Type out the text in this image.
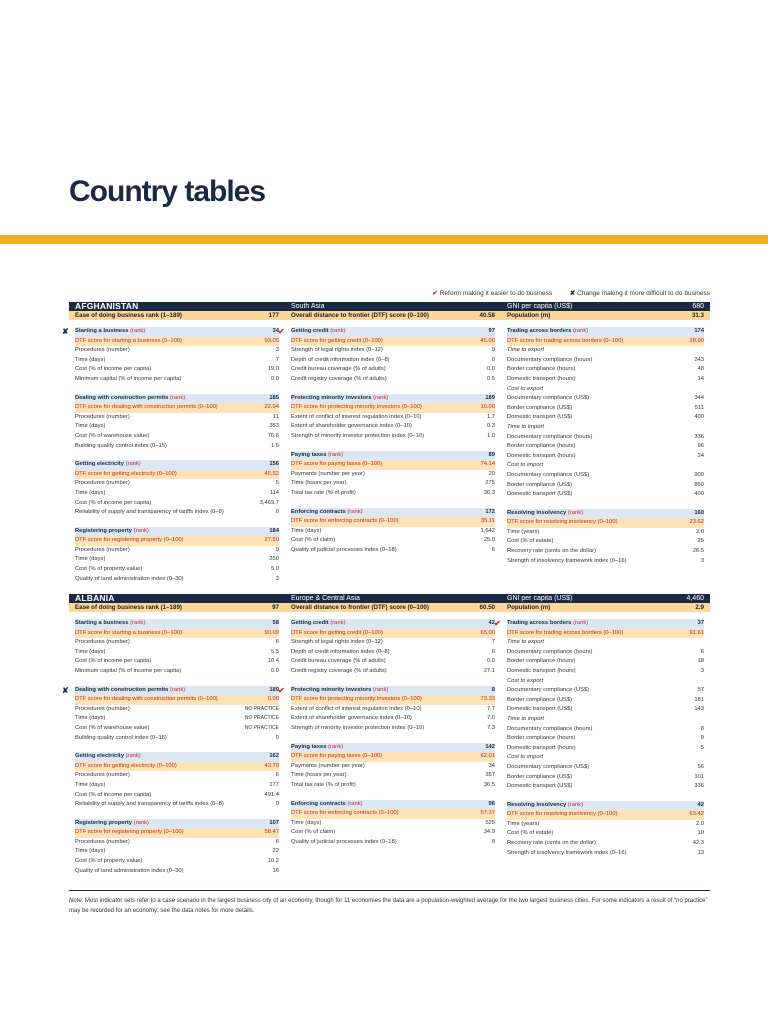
Country tables
✔ Reform making it easier to do business	✘ Change making it more difficult to do business
AFGHANISTAN	South Asia	GNI per capita (US$)	680
Ease of doing business rank (1–189)	177 Overall distance to frontier (DTF) score (0–100)	40.58 Population (m)	31.3
✘ Starting a business (rank)	34
DTF score for starting a business (0–100)	93.05
Procedures (number)	3
Time (days)	7
Cost (% of income per capita)	19.0
Minimum capital (% of income per capita)	0.0
Dealing with construction permits (rank)	185
DTF score for dealing with construction permits (0–100)	22.94
Procedures (number)	11
Time (days)	353
Cost (% of warehouse value)	76.6
Building quality control index (0–15)	1.5
Getting electricity (rank)	156
DTF score for getting electricity (0–100)	45.52
Procedures (number)	5
Time (days)	114
Cost (% of income per capita)	3,469.7
Reliability of supply and transparency of tariffs index (0–8)	0
Registering property (rank)	184
DTF score for registering property (0–100)	27.50
Procedures (number)	9
Time (days)	250
Cost (% of property value)	5.0
Quality of land administration index (0–30)	3
✔ Getting credit (rank)	97
DTF score for getting credit (0–100)	45.00
Strength of legal rights index (0–12)	9
Depth of credit information index (0–8)	0
Credit bureau coverage (% of adults)	0.0
Credit registry coverage (% of adults)	0.5
Protecting minority investors (rank)	189
DTF score for protecting minority investors (0–100)	10.00
Extent of conflict of interest regulation index (0–10)	1.7
Extent of shareholder governance index (0–10)	0.3
Strength of minority investor protection index (0–10)	1.0
Paying taxes (rank)	89
DTF score for paying taxes (0–100)	74.14
Payments (number per year)	20
Time (hours per year)	275
Total tax rate (% of profit)	36.3
Enforcing contracts (rank)	172
DTF score for enforcing contracts (0–100)	35.11
Time (days)	1,642
Cost (% of claim)	25.0
Quality of judicial processes index (0–18)	6
Trading across borders (rank)	174
DTF score for trading across borders (0–100)	28.90
Time to export
Documentary compliance (hours)	243
Border compliance (hours)	48
Domestic transport (hours)	14
Cost to export
Documentary compliance (US$)	344
Border compliance (US$)	511
Domestic transport (US$)	400
Time to import
Documentary compliance (hours)	336
Border compliance (hours)	96
Domestic transport (hours)	24
Cost to import
Documentary compliance (US$)	900
Border compliance (US$)	850
Domestic transport (US$)	400
Resolving insolvency (rank)	160
DTF score for resolving insolvency (0–100)	23.62
Time (years)	2.0
Cost (% of estate)	25
Recovery rate (cents on the dollar)	26.5
Strength of insolvency framework index (0–16)	3
ALBANIA	Europe & Central Asia	GNI per capita (US$)	4,460
Ease of doing business rank (1–189)	97 Overall distance to frontier (DTF) score (0–100)	60.50 Population (m)	2.9
Starting a business (rank)	58
DTF score for starting a business (0–100)	90.09
Procedures (number)	6
Time (days)	5.5
Cost (% of income per capita)	10.4
Minimum capital (% of income per capita)	0.0
✘ Dealing with construction permits (rank)	189
DTF score for dealing with construction permits (0–100)	0.00
Procedures (number)	NO PRACTICE
Time (days)	NO PRACTICE
Cost (% of warehouse value)	NO PRACTICE
Building quality control index (0–15)	0
Getting electricity (rank)	162
DTF score for getting electricity (0–100)	43.70
Procedures (number)	6
Time (days)	177
Cost (% of income per capita)	491.4
Reliability of supply and transparency of tariffs index (0–8)	0
Registering property (rank)	107
DTF score for registering property (0–100)	58.47
Procedures (number)	6
Time (days)	22
Cost (% of property value)	10.2
Quality of land administration index (0–30)	16
Getting credit (rank)	42
DTF score for getting credit (0–100)	65.00
Strength of legal rights index (0–12)	7
Depth of credit information index (0–8)	6
Credit bureau coverage (% of adults)	0.0
Credit registry coverage (% of adults)	27.1
✔ Protecting minority investors (rank)	8
DTF score for protecting minority investors (0–100)	73.33
Extent of conflict of interest regulation index (0–10)	7.7
Extent of shareholder governance index (0–10)	7.0
Strength of minority investor protection index (0–10)	7.3
Paying taxes (rank)	142
DTF score for paying taxes (0–100)	62.01
Payments (number per year)	34
Time (hours per year)	357
Total tax rate (% of profit)	36.5
Enforcing contracts (rank)	96
DTF score for enforcing contracts (0–100)	57.37
Time (days)	525
Cost (% of claim)	34.9
Quality of judicial processes index (0–18)	8
✔ Trading across borders (rank)	37
DTF score for trading across borders (0–100)	91.61
Time to export
Documentary compliance (hours)	6
Border compliance (hours)	18
Domestic transport (hours)	3
Cost to export
Documentary compliance (US$)	57
Border compliance (US$)	181
Domestic transport (US$)	143
Time to import
Documentary compliance (hours)	8
Border compliance (hours)	9
Domestic transport (hours)	5
Cost to import
Documentary compliance (US$)	56
Border compliance (US$)	101
Domestic transport (US$)	336
Resolving insolvency (rank)	42
DTF score for resolving insolvency (0–100)	63.42
Time (years)	2.0
Cost (% of estate)	10
Recovery rate (cents on the dollar)	42.3
Strength of insolvency framework index (0–16)	13
Note: Most indicator sets refer to a case scenario in the largest business city of an economy, though for 11 economies the data are a population-weighted average for the two largest business cities. For some indicators a result of “no practice” may be recorded for an economy; see the data notes for more details.
